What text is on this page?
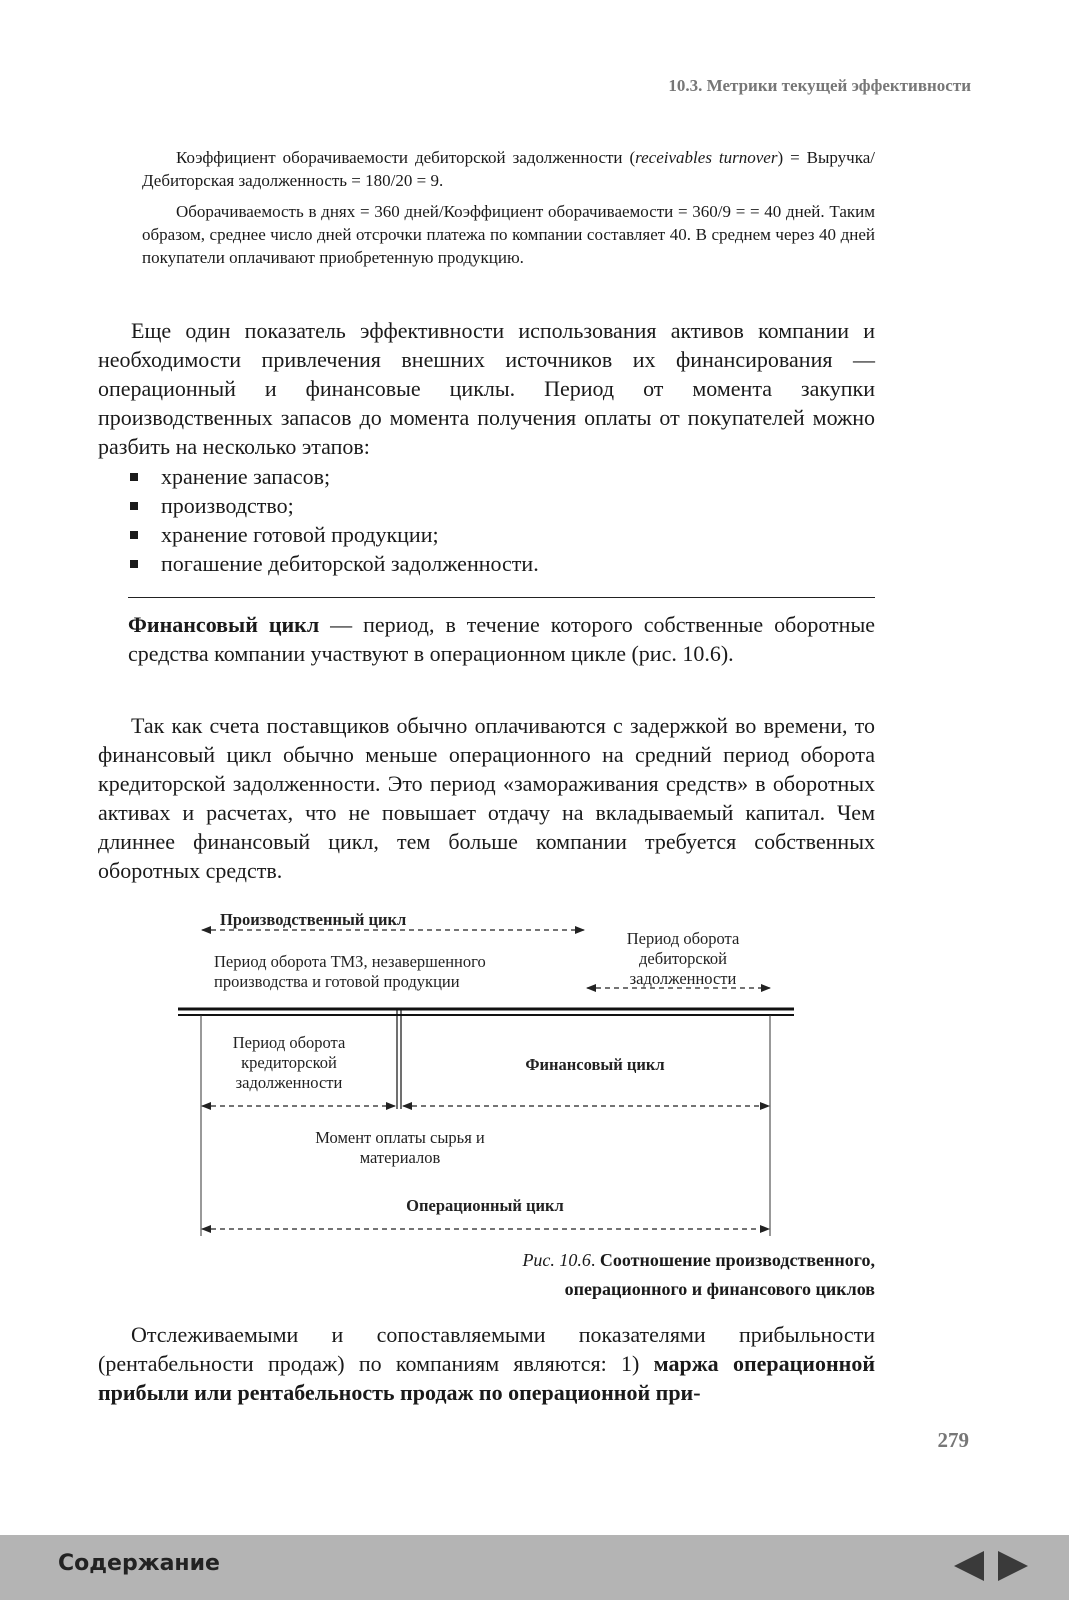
10.3. Метрики текущей эффективности

Коэффициент оборачиваемости дебиторской задолженности (receivables turnover) = Выручка/Дебиторская задолженность = 180/20 = 9.

Оборачиваемость в днях = 360 дней/Коэффициент оборачиваемости = 360/9 = = 40 дней. Таким образом, среднее число дней отсрочки платежа по компании составляет 40. В среднем через 40 дней покупатели оплачивают приобретенную продукцию.

Еще один показатель эффективности использования активов компании и необходимости привлечения внешних источников их финансирования — операционный и финансовые циклы. Период от момента закупки производственных запасов до момента получения оплаты от покупателей можно разбить на несколько этапов:

хранение запасов;
производство;
хранение готовой продукции;
погашение дебиторской задолженности.
Финансовый цикл — период, в течение которого собственные оборотные средства компании участвуют в операционном цикле (рис. 10.6).

Так как счета поставщиков обычно оплачиваются с задержкой во времени, то финансовый цикл обычно меньше операционного на средний период оборота кредиторской задолженности. Это период «замораживания средств» в оборотных активах и расчетах, что не повышает отдачу на вкладываемый капитал. Чем длиннее финансовый цикл, тем больше компании требуется собственных оборотных средств.

Производственный цикл
Период оборота ТМЗ, незавершенного производства и готовой продукции
Период оборота дебиторской задолженности
Период оборота кредиторской задолженности
Финансовый цикл
Момент оплаты сырья и материалов
Операционный цикл
Рис. 10.6. Соотношение производственного,
операционного и финансового циклов

Отслеживаемыми и сопоставляемыми показателями прибыльности (рентабельности продаж) по компаниям являются: 1) маржа операционной прибыли или рентабельность продаж по операционной при-

279
Содержание
